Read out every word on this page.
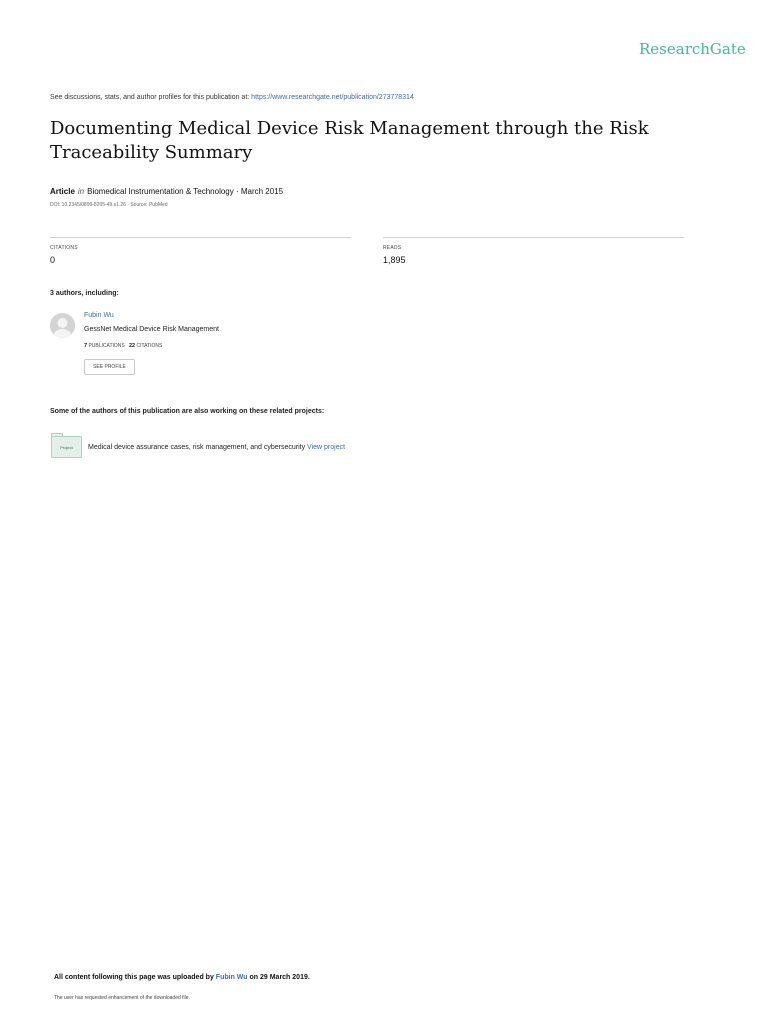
ResearchGate
See discussions, stats, and author profiles for this publication at: https://www.researchgate.net/publication/273778314
Documenting Medical Device Risk Management through the Risk Traceability Summary
Article in Biomedical Instrumentation & Technology · March 2015
DOI: 10.2345/0899-8205-49.s1.26 · Source: PubMed
CITATIONS
0
READS
1,895
3 authors, including:
Fubin Wu
GessNet Medical Device Risk Management
7 PUBLICATIONS 22 CITATIONS
SEE PROFILE
Some of the authors of this publication are also working on these related projects:
Project Medical device assurance cases, risk management, and cybersecurity View project
All content following this page was uploaded by Fubin Wu on 29 March 2019.
The user has requested enhancement of the downloaded file.
